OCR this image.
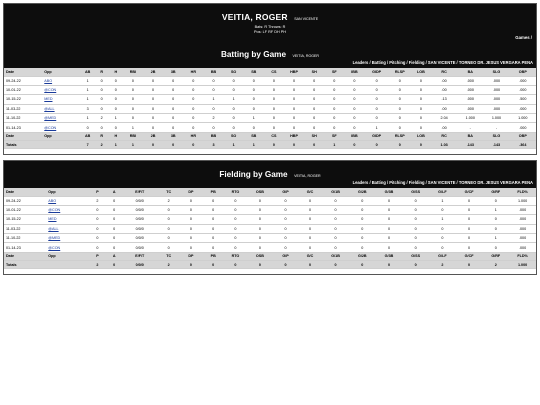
VEITIA, ROGER SAN VICENTE
Bats: R Throws: R
Pos: LF RF DH PH
Games /
Batting by Game VEITIA, ROGER
Leaders / Batting / Pitching / Fielding / SAN VICENTE / TORNEO DR. JESUS VERGARA PENA
Date	Opp	AB	R	H	RBI	2B	3B	HR	BB	SO	SB	CS	HBP	SH	SF	IBB	GIDP	RLSP	LOB	RC	BA	SLG	OBP
09-24-22	ABO	1	0	0	0	0	0	0	0	0	0	0	0	0	0	0	0	0	0	.00	.000	.000	.000
10-01-22	@CON	1	0	0	0	0	0	0	0	0	0	0	0	0	0	0	0	0	0	.00	.000	.000	.000
10-15-22	MED	1	0	0	0	0	0	0	1	1	0	0	0	0	0	0	0	0	0	.13	.000	.000	.500
11-03-22	@ALL	3	0	0	0	0	0	0	0	0	0	0	0	0	0	0	0	0	0	.00	.000	.000	.000
11-10-22	@MED	1	2	1	0	0	0	0	2	0	1	0	0	0	0	0	0	0	0	2.04	1.000	1.000	1.000
01-14-23	@CON	0	0	0	1	0	0	0	0	0	0	0	0	0	0	0	1	0	0	.00	-	-	.000
Date	Opp	AB	R	H	RBI	2B	3B	HR	BB	SO	SB	CS	HBP	SH	SF	IBB	GIDP	RLSP	LOB	RC	BA	SLG	OBP
Totals		7	2	1	1	0	0	0	3	1	1	0	0	0	1	0	0	0	0	1.03	.143	.143	.364
Fielding by Game VEITIA, ROGER
Leaders / Batting / Pitching / Fielding / SAN VICENTE / TORNEO DR. JESUS VERGARA PENA
Date	Opp	P	A	E/F/T	TC	DP	PB	RTO	OSB	G/P	G/C	G/1B	G/2B	G/3B	G/SS	G/LF	G/CF	G/RF	FLD%
09-24-22	ABO	2	0	0/0/0	2	0	0	0	0	0	0	0	0	0	0	1	0	0	1.000
10-01-22	@CON	0	0	0/0/0	0	0	0	0	0	0	0	0	0	0	0	0	0	1	.000
10-15-22	MED	0	0	0/0/0	0	0	0	0	0	0	0	0	0	0	0	1	0	0	.000
11-03-22	@ALL	0	0	0/0/0	0	0	0	0	0	0	0	0	0	0	0	0	0	0	.000
11-10-22	@MED	0	0	0/0/0	0	0	0	0	0	0	0	0	0	0	0	0	0	1	.000
01-14-23	@CON	0	0	0/0/0	0	0	0	0	0	0	0	0	0	0	0	0	0	0	.000
Date	Opp	P	A	E/F/T	TC	DP	PB	RTO	OSB	G/P	G/C	G/1B	G/2B	G/3B	G/SS	G/LF	G/CF	G/RF	FLD%
Totals		2	0	0/0/0	2	0	0	0	0	0	0	0	0	0	0	2	0	2	1.000
